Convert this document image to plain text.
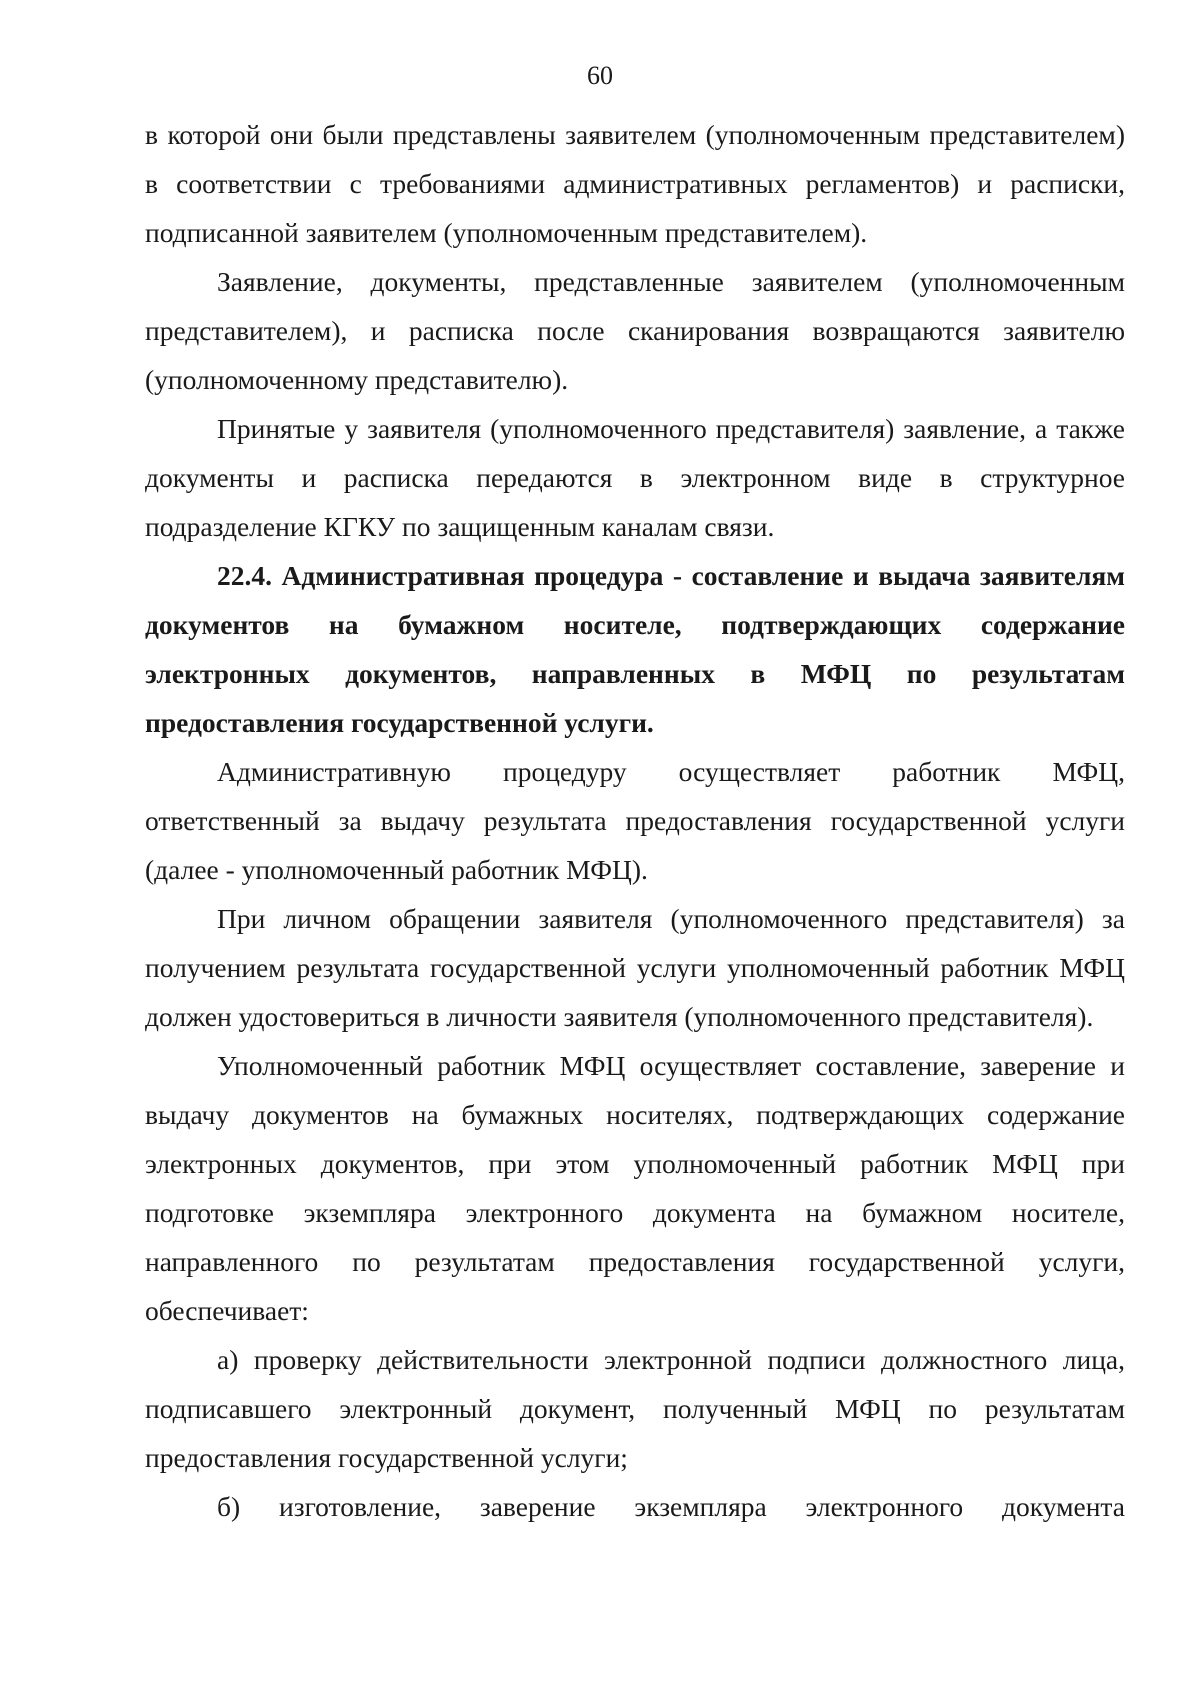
60

в которой они были представлены заявителем (уполномоченным представителем) в соответствии с требованиями административных регламентов) и расписки, подписанной заявителем (уполномоченным представителем).

Заявление, документы, представленные заявителем (уполномоченным представителем), и расписка после сканирования возвращаются заявителю (уполномоченному представителю).

Принятые у заявителя (уполномоченного представителя) заявление, а также документы и расписка передаются в электронном виде в структурное подразделение КГКУ по защищенным каналам связи.

22.4. Административная процедура - составление и выдача заявителям документов на бумажном носителе, подтверждающих содержание электронных документов, направленных в МФЦ по результатам предоставления государственной услуги.

Административную процедуру осуществляет работник МФЦ, ответственный за выдачу результата предоставления государственной услуги (далее - уполномоченный работник МФЦ).

При личном обращении заявителя (уполномоченного представителя) за получением результата государственной услуги уполномоченный работник МФЦ должен удостовериться в личности заявителя (уполномоченного представителя).

Уполномоченный работник МФЦ осуществляет составление, заверение и выдачу документов на бумажных носителях, подтверждающих содержание электронных документов, при этом уполномоченный работник МФЦ при подготовке экземпляра электронного документа на бумажном носителе, направленного по результатам предоставления государственной услуги, обеспечивает:

а) проверку действительности электронной подписи должностного лица, подписавшего электронный документ, полученный МФЦ по результатам предоставления государственной услуги;

б) изготовление, заверение экземпляра электронного документа
